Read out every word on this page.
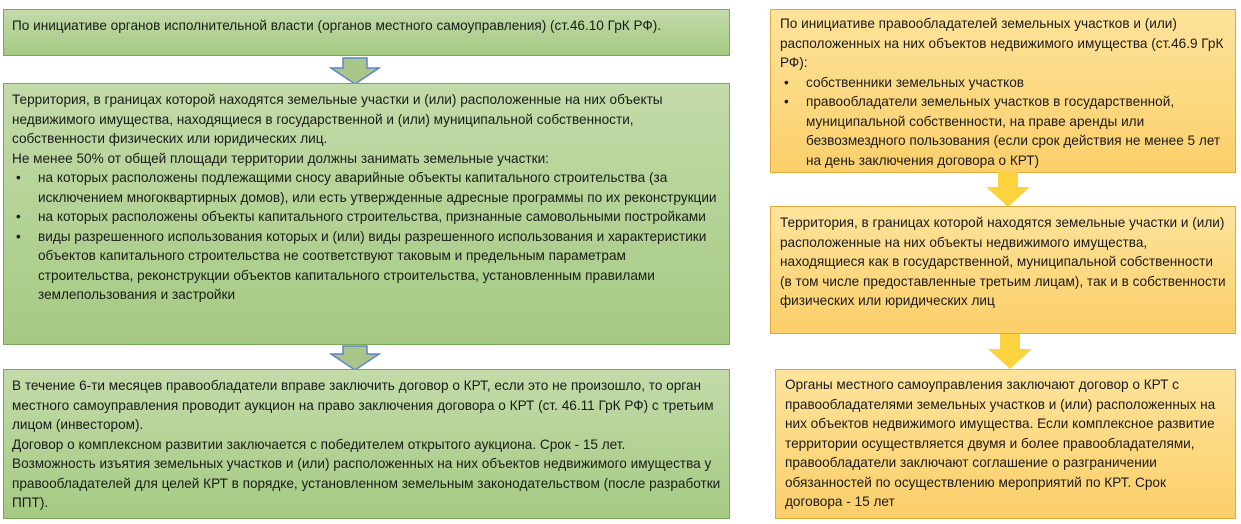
По инициативе органов исполнительной власти (органов местного самоуправления) (ст.46.10 ГрК РФ).

Территория, в границах которой находятся земельные участки и (или) расположенные на них объекты недвижимого имущества, находящиеся в государственной и (или) муниципальной собственности, собственности физических или юридических лиц.

Не менее 50% от общей площади территории должны занимать земельные участки:

• на которых расположены подлежащими сносу аварийные объекты капитального строительства (за исключением многоквартирных домов), или есть утвержденные адресные программы по их реконструкции
• на которых расположены объекты капитального строительства, признанные самовольными постройками
• виды разрешенного использования которых и (или) виды разрешенного использования и характеристики объектов капитального строительства не соответствуют таковым и предельным параметрам строительства, реконструкции объектов капитального строительства, установленным правилами землепользования и застройки

В течение 6-ти месяцев правообладатели вправе заключить договор о КРТ, если это не произошло, то орган местного самоуправления проводит аукцион на право заключения договора о КРТ (ст. 46.11 ГрК РФ) с третьим лицом (инвестором).

Договор о комплексном развитии заключается с победителем открытого аукциона. Срок - 15 лет.

Возможность изъятия земельных участков и (или) расположенных на них объектов недвижимого имущества у правообладателей для целей КРТ в порядке, установленном земельным законодательством (после разработки ППТ).

По инициативе правообладателей земельных участков и (или) расположенных на них объектов недвижимого имущества (ст.46.9 ГрК РФ):

• собственники земельных участков
• правообладатели земельных участков в государственной, муниципальной собственности, на праве аренды или безвозмездного пользования (если срок действия не менее 5 лет на день заключения договора о КРТ)

Территория, в границах которой находятся земельные участки и (или) расположенные на них объекты недвижимого имущества, находящиеся как в государственной, муниципальной собственности (в том числе предоставленные третьим лицам), так и в собственности физических или юридических лиц

Органы местного самоуправления заключают договор о КРТ с правообладателями земельных участков и (или) расположенных на них объектов недвижимого имущества. Если комплексное развитие территории осуществляется двумя и более правообладателями, правообладатели заключают соглашение о разграничении обязанностей по осуществлению мероприятий по КРТ. Срок договора - 15 лет
